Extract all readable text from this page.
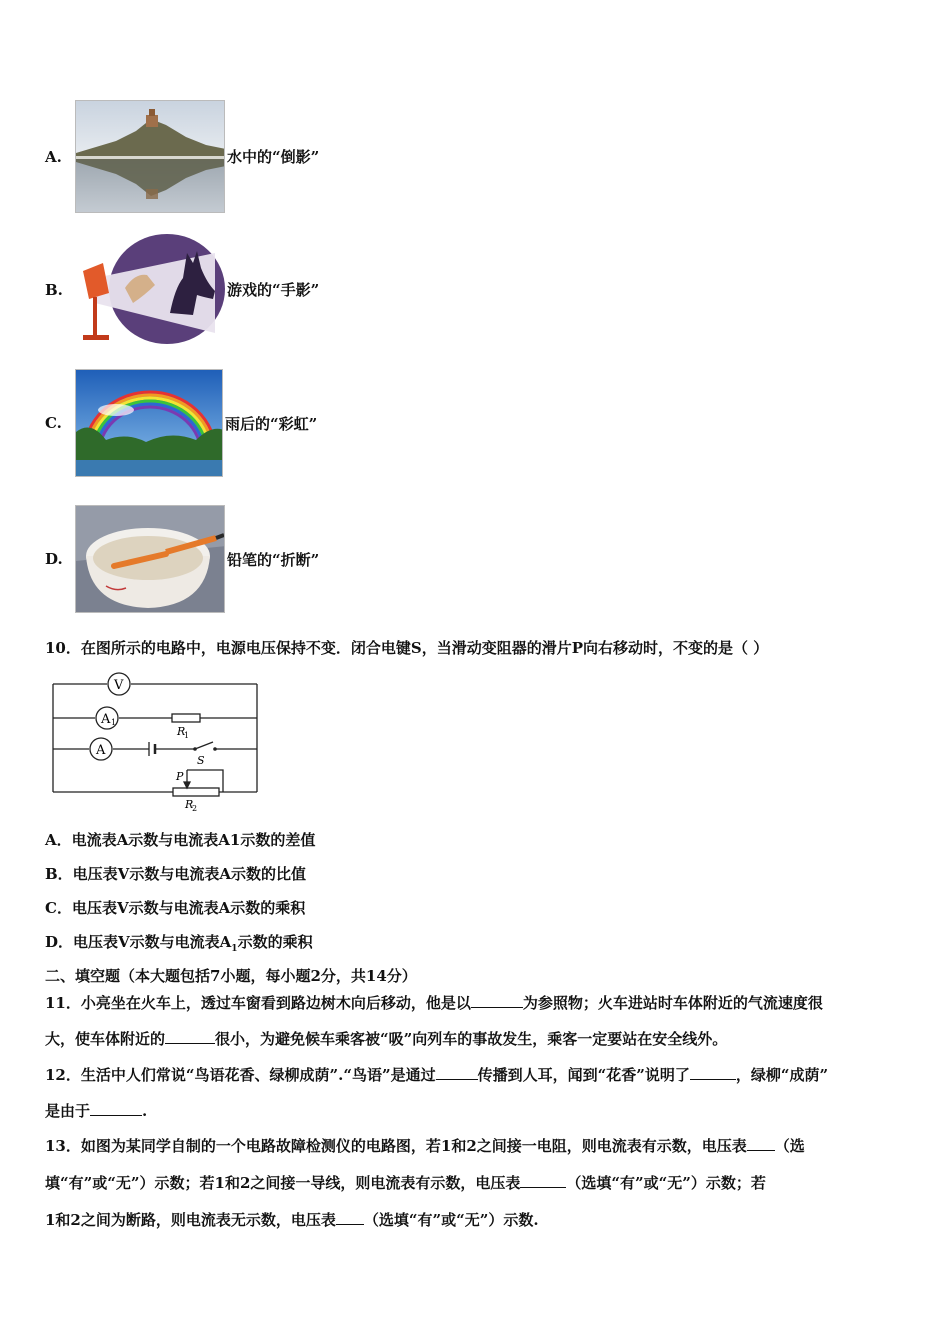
A.	水中的“倒影”
B.	游戏的“手影”
C.	雨后的“彩虹”
D.	铅笔的“折断”
10．在图所示的电路中，电源电压保持不变．闭合电键S，当滑动变阻器的滑片P向右移动时，不变的是（ ）
V
A 1
A
R
1
S
P
R
2
A．电流表A示数与电流表A1示数的差值
B．电压表V示数与电流表A示数的比值
C．电压表V示数与电流表A示数的乘积
D．电压表V示数与电流表$A_1$示数的乘积
二、填空题（本大题包括7小题，每小题2分，共14分）
11．小亮坐在火车上，透过车窗看到路边树木向后移动，他是以	为参照物；火车进站时车体附近的气流速度很
大，使车体附近的	很小，为避免候车乘客被“吸”向列车的事故发生，乘客一定要站在安全线外。
12．生活中人们常说“鸟语花香、绿柳成荫”.“鸟语”是通过	传播到人耳，闻到“花香”说明了	，绿柳“成荫”
是由于	.
13．如图为某同学自制的一个电路故障检测仪的电路图，若1和2之间接一电阻，则电流表有示数，电压表 （选
填“有”或“无”）示数；若1和2之间接一导线，则电流表有示数，电压表	（选填“有”或“无”）示数；若
1和2之间为断路，则电流表无示数，电压表 （选填“有”或“无”）示数.
